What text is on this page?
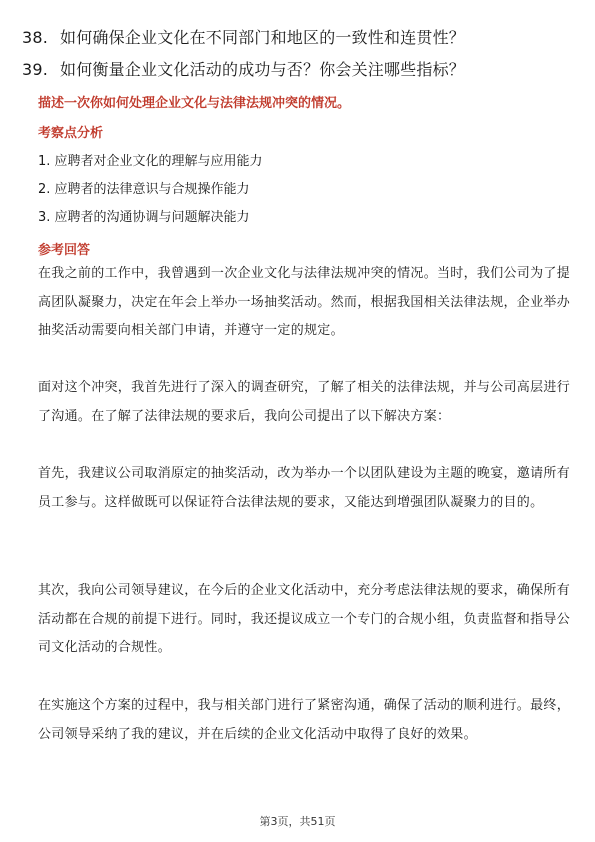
38. 如何确保企业文化在不同部门和地区的一致性和连贯性？
39. 如何衡量企业文化活动的成功与否？你会关注哪些指标？
描述一次你如何处理企业文化与法律法规冲突的情况。
考察点分析
1. 应聘者对企业文化的理解与应用能力
2. 应聘者的法律意识与合规操作能力
3. 应聘者的沟通协调与问题解决能力
参考回答
在我之前的工作中，我曾遇到一次企业文化与法律法规冲突的情况。当时，我们公司为了提高团队凝聚力，决定在年会上举办一场抽奖活动。然而，根据我国相关法律法规，企业举办抽奖活动需要向相关部门申请，并遵守一定的规定。
面对这个冲突，我首先进行了深入的调查研究，了解了相关的法律法规，并与公司高层进行了沟通。在了解了法律法规的要求后，我向公司提出了以下解决方案：
首先，我建议公司取消原定的抽奖活动，改为举办一个以团队建设为主题的晚宴，邀请所有员工参与。这样做既可以保证符合法律法规的要求，又能达到增强团队凝聚力的目的。
其次，我向公司领导建议，在今后的企业文化活动中，充分考虑法律法规的要求，确保所有活动都在合规的前提下进行。同时，我还提议成立一个专门的合规小组，负责监督和指导公司文化活动的合规性。
在实施这个方案的过程中，我与相关部门进行了紧密沟通，确保了活动的顺利进行。最终，公司领导采纳了我的建议，并在后续的企业文化活动中取得了良好的效果。
第3页，共51页
